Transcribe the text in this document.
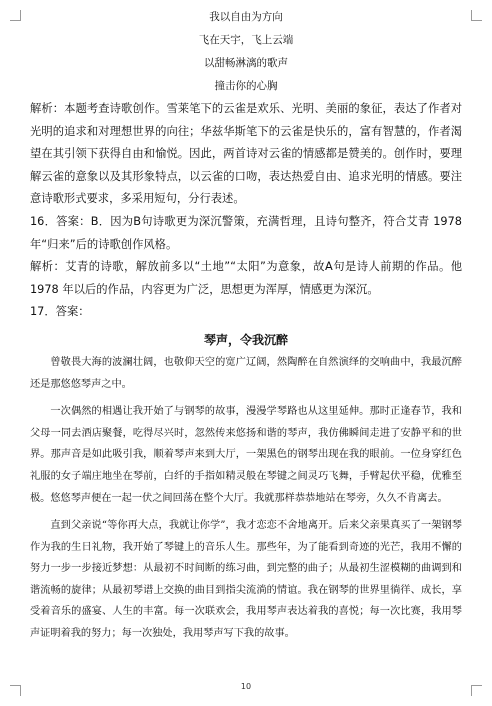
我以自由为方向
飞在天宇，飞上云端
以甜畅淋漓的歌声
撞击你的心胸

解析：本题考查诗歌创作。雪莱笔下的云雀是欢乐、光明、美丽的象征，表达了作者对光明的追求和对理想世界的向往；华兹华斯笔下的云雀是快乐的，富有智慧的，作者渴望在其引领下获得自由和愉悦。因此，两首诗对云雀的情感都是赞美的。创作时，要理解云雀的意象以及其形象特点，以云雀的口吻，表达热爱自由、追求光明的情感。要注意诗歌形式要求，多采用短句，分行表述。

16．答案：B．因为B句诗歌更为深沉警策，充满哲理，且诗句整齐，符合艾青 1978 年“归来”后的诗歌创作风格。

解析：艾青的诗歌，解放前多以“土地”“太阳”为意象，故A句是诗人前期的作品。他 1978 年以后的作品，内容更为广泛，思想更为浑厚，情感更为深沉。

17．答案：

琴声，令我沉醉

曾敬畏大海的波澜壮阔，也敬仰天空的宽广辽阔，然陶醉在自然演绎的交响曲中，我最沉醉还是那悠悠琴声之中。

一次偶然的相遇让我开始了与钢琴的故事，漫漫学琴路也从这里延伸。那时正逢春节，我和父母一同去酒店聚餐，吃得尽兴时，忽然传来悠扬和谐的琴声，我仿佛瞬间走进了安静平和的世界。那声音是如此吸引我，顺着琴声来到大厅，一架黑色的钢琴出现在我的眼前。一位身穿红色礼服的女子端庄地坐在琴前，白纤的手指如精灵般在琴键之间灵巧飞舞，手臂起伏平稳，优雅至极。悠悠琴声便在一起一伏之间回荡在整个大厅。我就那样恭恭地站在琴旁，久久不肯离去。

直到父亲说“等你再大点，我就让你学”，我才恋恋不舍地离开。后来父亲果真买了一架钢琴作为我的生日礼物，我开始了琴键上的音乐人生。那些年，为了能看到奇迹的光芒，我用不懈的努力一步一步接近梦想：从最初不时间断的练习曲，到完整的曲子；从最初生涩模糊的曲调到和谐流畅的旋律；从最初琴谱上交换的曲目到指尖流淌的情谊。我在钢琴的世界里徜徉、成长，享受着音乐的盛宴、人生的丰富。每一次联欢会，我用琴声表达着我的喜悦；每一次比赛，我用琴声证明着我的努力；每一次独处，我用琴声写下我的故事。

10
